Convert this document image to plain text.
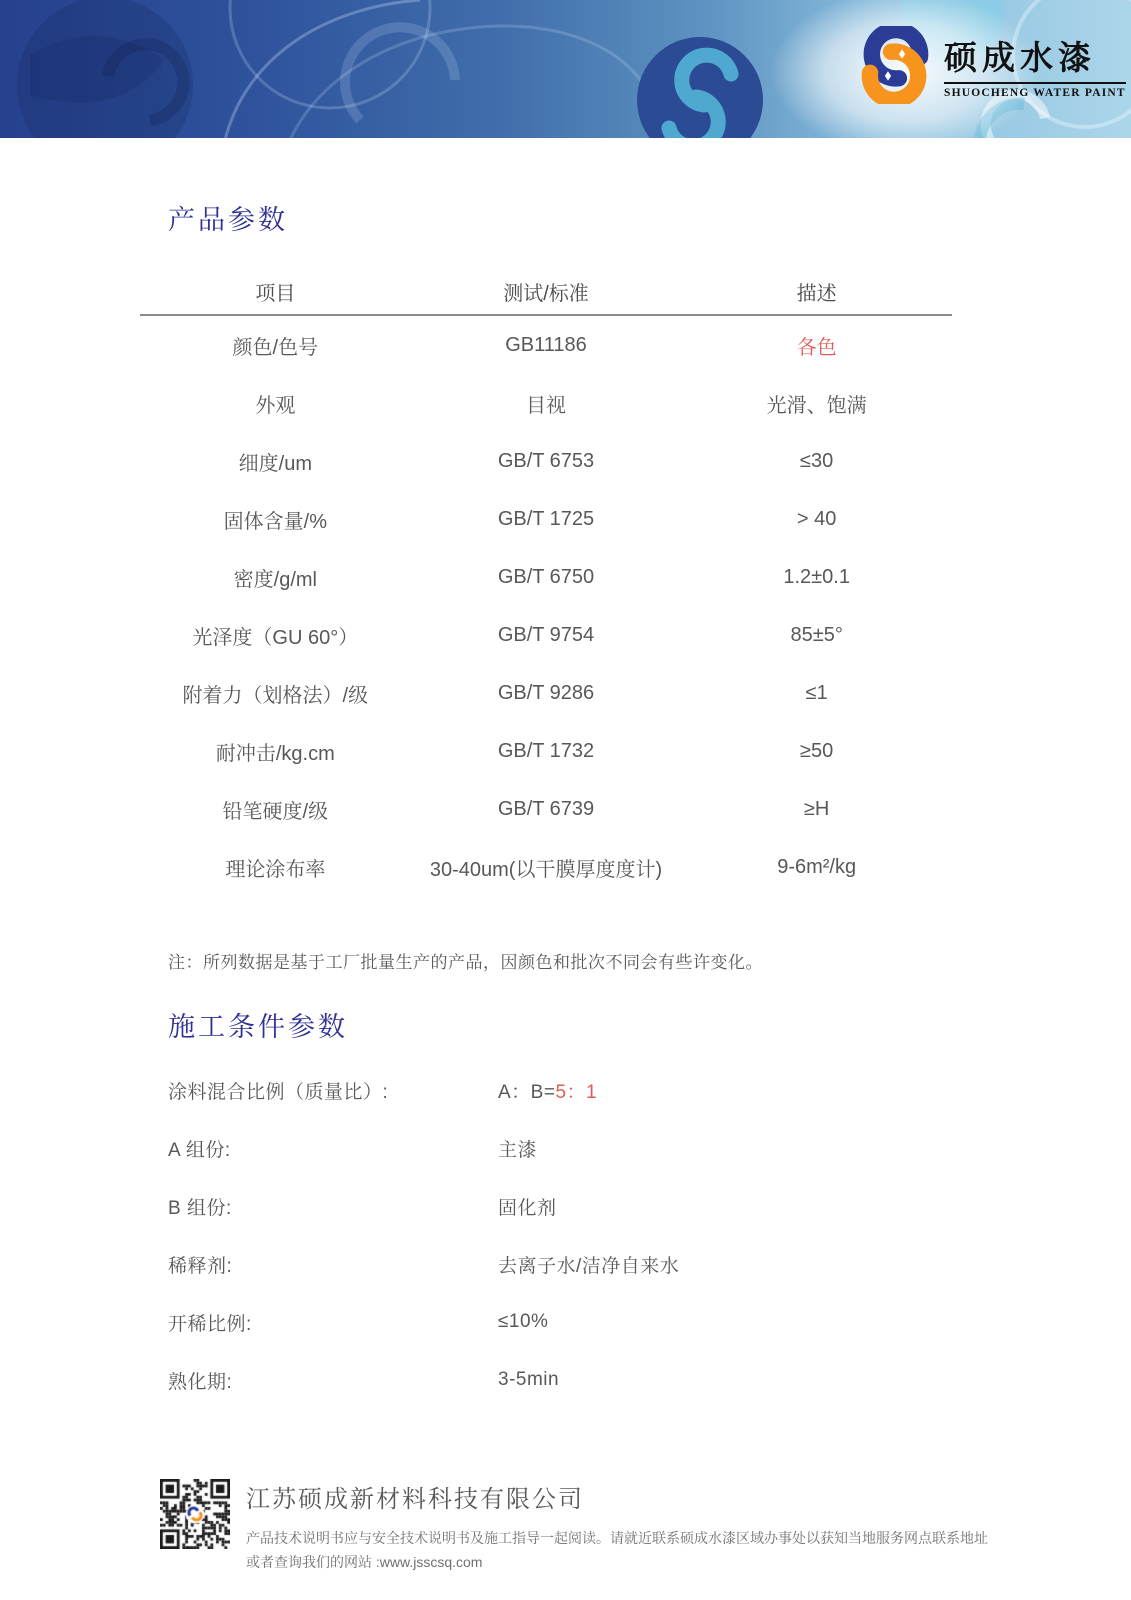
硕成水漆
SHUOCHENG WATER PAINT
产品参数
项目	测试/标准	描述
颜色/色号	GB11186	各色
外观	目视	光滑、饱满
细度/um	GB/T 6753	≤30
固体含量/%	GB/T 1725	> 40
密度/g/ml	GB/T 6750	1.2±0.1
光泽度（GU 60°）	GB/T 9754	85±5°
附着力（划格法）/级	GB/T 9286	≤1
耐冲击/kg.cm	GB/T 1732	≥50
铅笔硬度/级	GB/T 6739	≥H
理论涂布率	30-40um(以干膜厚度度计)	9-6m²/kg

注：所列数据是基于工厂批量生产的产品，因颜色和批次不同会有些许变化。

施工条件参数
涂料混合比例（质量比）:	A：B=5：1
A 组份:	主漆
B 组份:	固化剂
稀释剂:	去离子水/洁净自来水
开稀比例:	≤10%
熟化期:	3-5min
江苏硕成新材料科技有限公司
产品技术说明书应与安全技术说明书及施工指导一起阅读。请就近联系硕成水漆区域办事处以获知当地服务网点联系地址
或者查询我们的网站 :www.jsscsq.com
